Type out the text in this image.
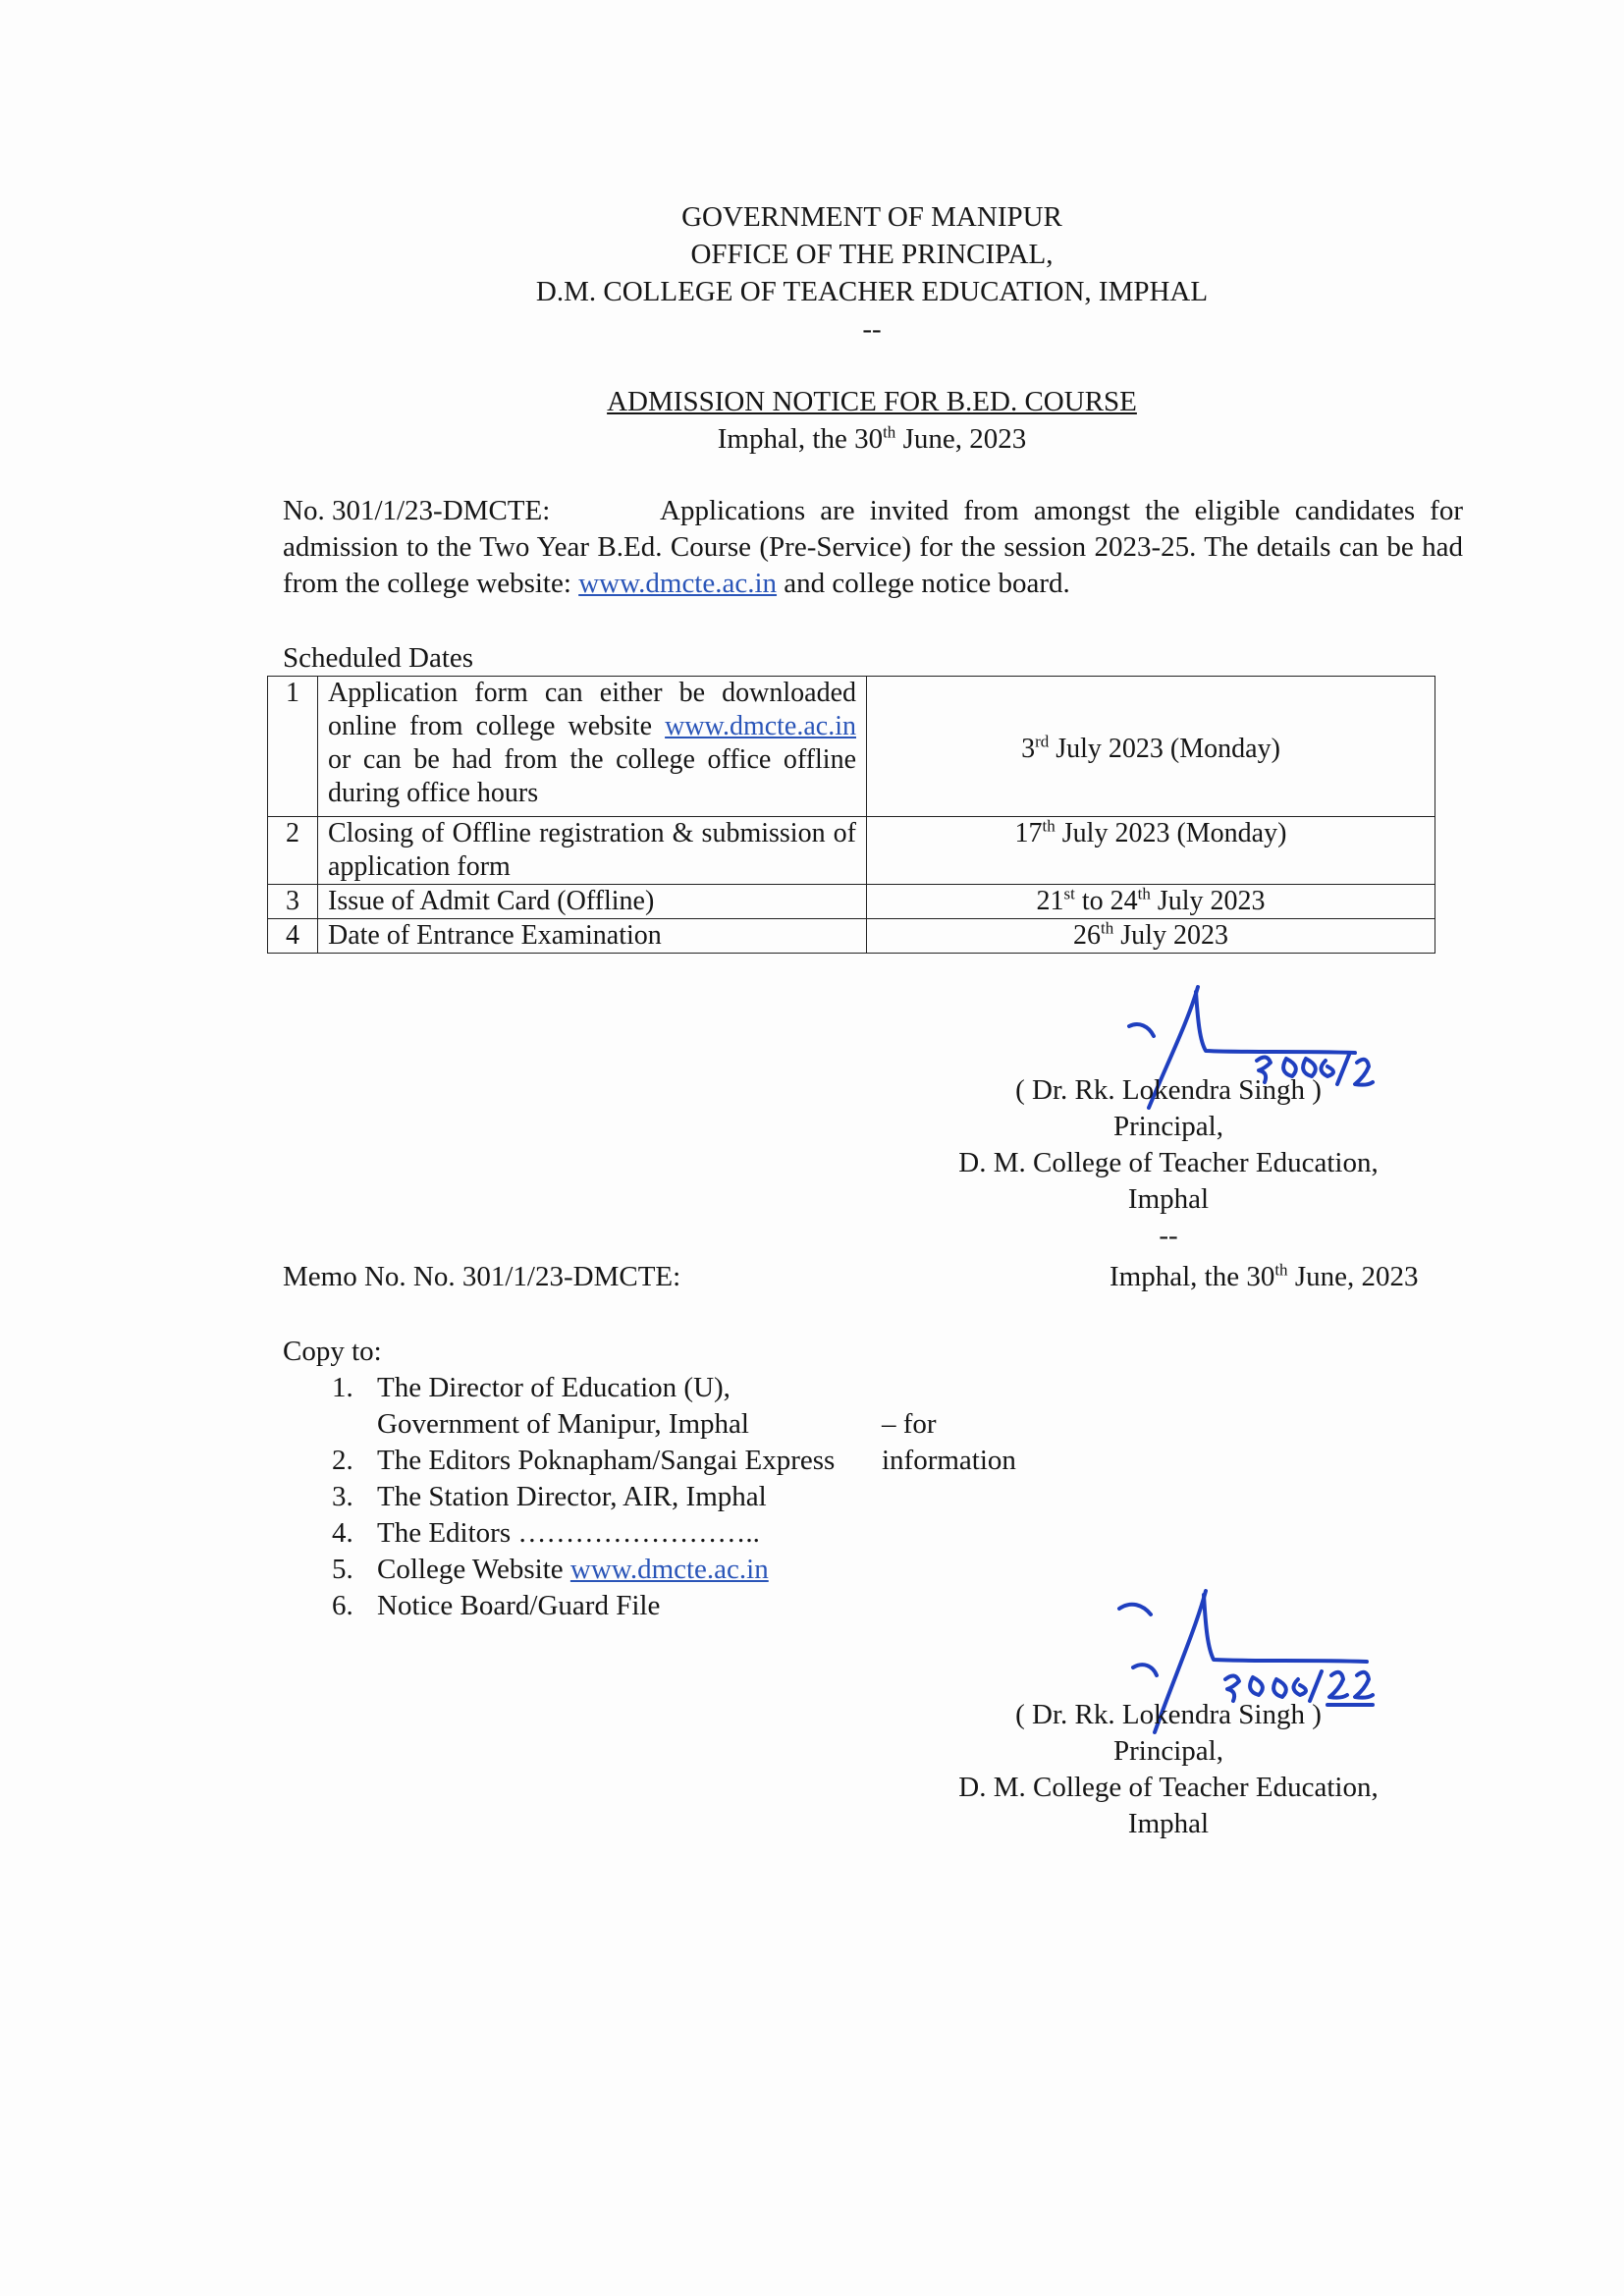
GOVERNMENT OF MANIPUR
OFFICE OF THE PRINCIPAL,
D.M. COLLEGE OF TEACHER EDUCATION, IMPHAL
--
ADMISSION NOTICE FOR B.ED. COURSE
Imphal, the 30th June, 2023
No. 301/1/23-DMCTE:	Applications are invited from amongst the eligible candidates for admission to the Two Year B.Ed. Course (Pre-Service) for the session 2023-25. The details can be had from the college website: www.dmcte.ac.in and college notice board.
Scheduled Dates
1	Application form can either be downloaded online from college website www.dmcte.ac.in or can be had from the college office offline during office hours	3rd July 2023 (Monday)
2	Closing of Offline registration & submission of application form	17th July 2023 (Monday)
3	Issue of Admit Card (Offline)	21st to 24th July 2023
4	Date of Entrance Examination	26th July 2023
( Dr. Rk. Lokendra Singh )
Principal,
D. M. College of Teacher Education,
Imphal
--
Memo No. No. 301/1/23-DMCTE:	Imphal, the 30th June, 2023
Copy to:
1. The Director of Education (U),
Government of Manipur, Imphal	– for information
2. The Editors Poknapham/Sangai Express
3. The Station Director, AIR, Imphal
4. The Editors ……………………..
5. College Website www.dmcte.ac.in
6. Notice Board/Guard File
( Dr. Rk. Lokendra Singh )
Principal,
D. M. College of Teacher Education,
Imphal
